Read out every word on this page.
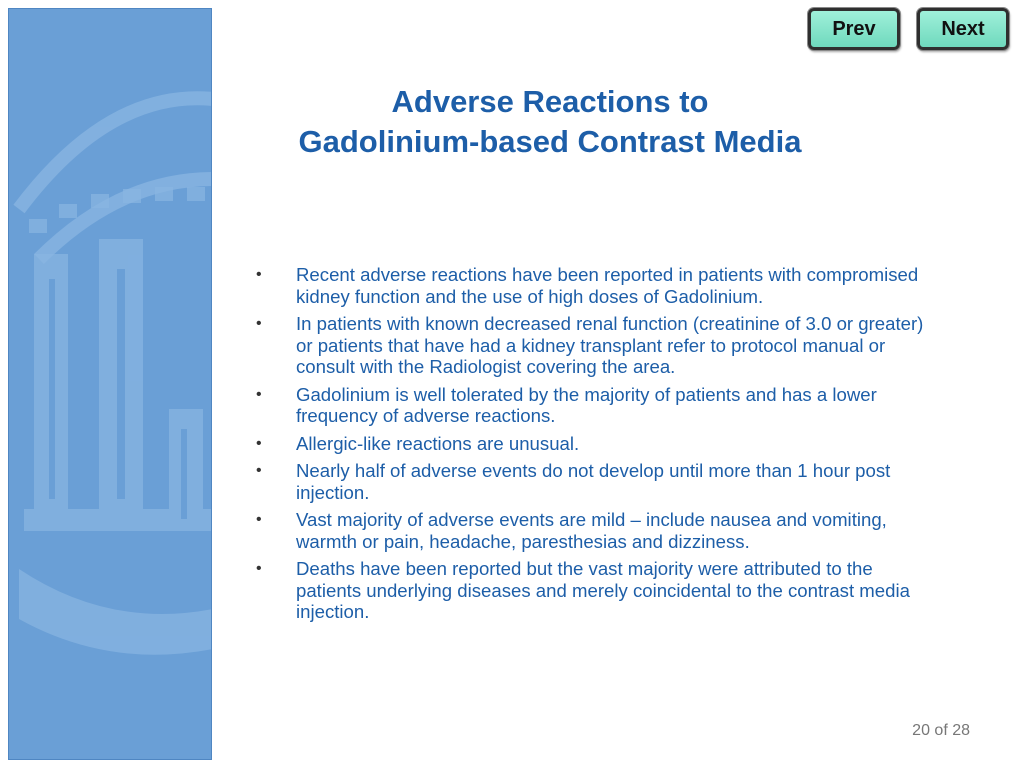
Prev	Next
Adverse Reactions to
Gadolinium-based Contrast Media
• Recent adverse reactions have been reported in patients with compromised kidney function and the use of high doses of Gadolinium.
• In patients with known decreased renal function (creatinine of 3.0 or greater) or patients that have had a kidney transplant refer to protocol manual or consult with the Radiologist covering the area.
• Gadolinium is well tolerated by the majority of patients and has a lower frequency of adverse reactions.
• Allergic-like reactions are unusual.
• Nearly half of adverse events do not develop until more than 1 hour post injection.
• Vast majority of adverse events are mild – include nausea and vomiting, warmth or pain, headache, paresthesias and dizziness.
• Deaths have been reported but the vast majority were attributed to the patients underlying diseases and merely coincidental to the contrast media injection.
20 of 28
